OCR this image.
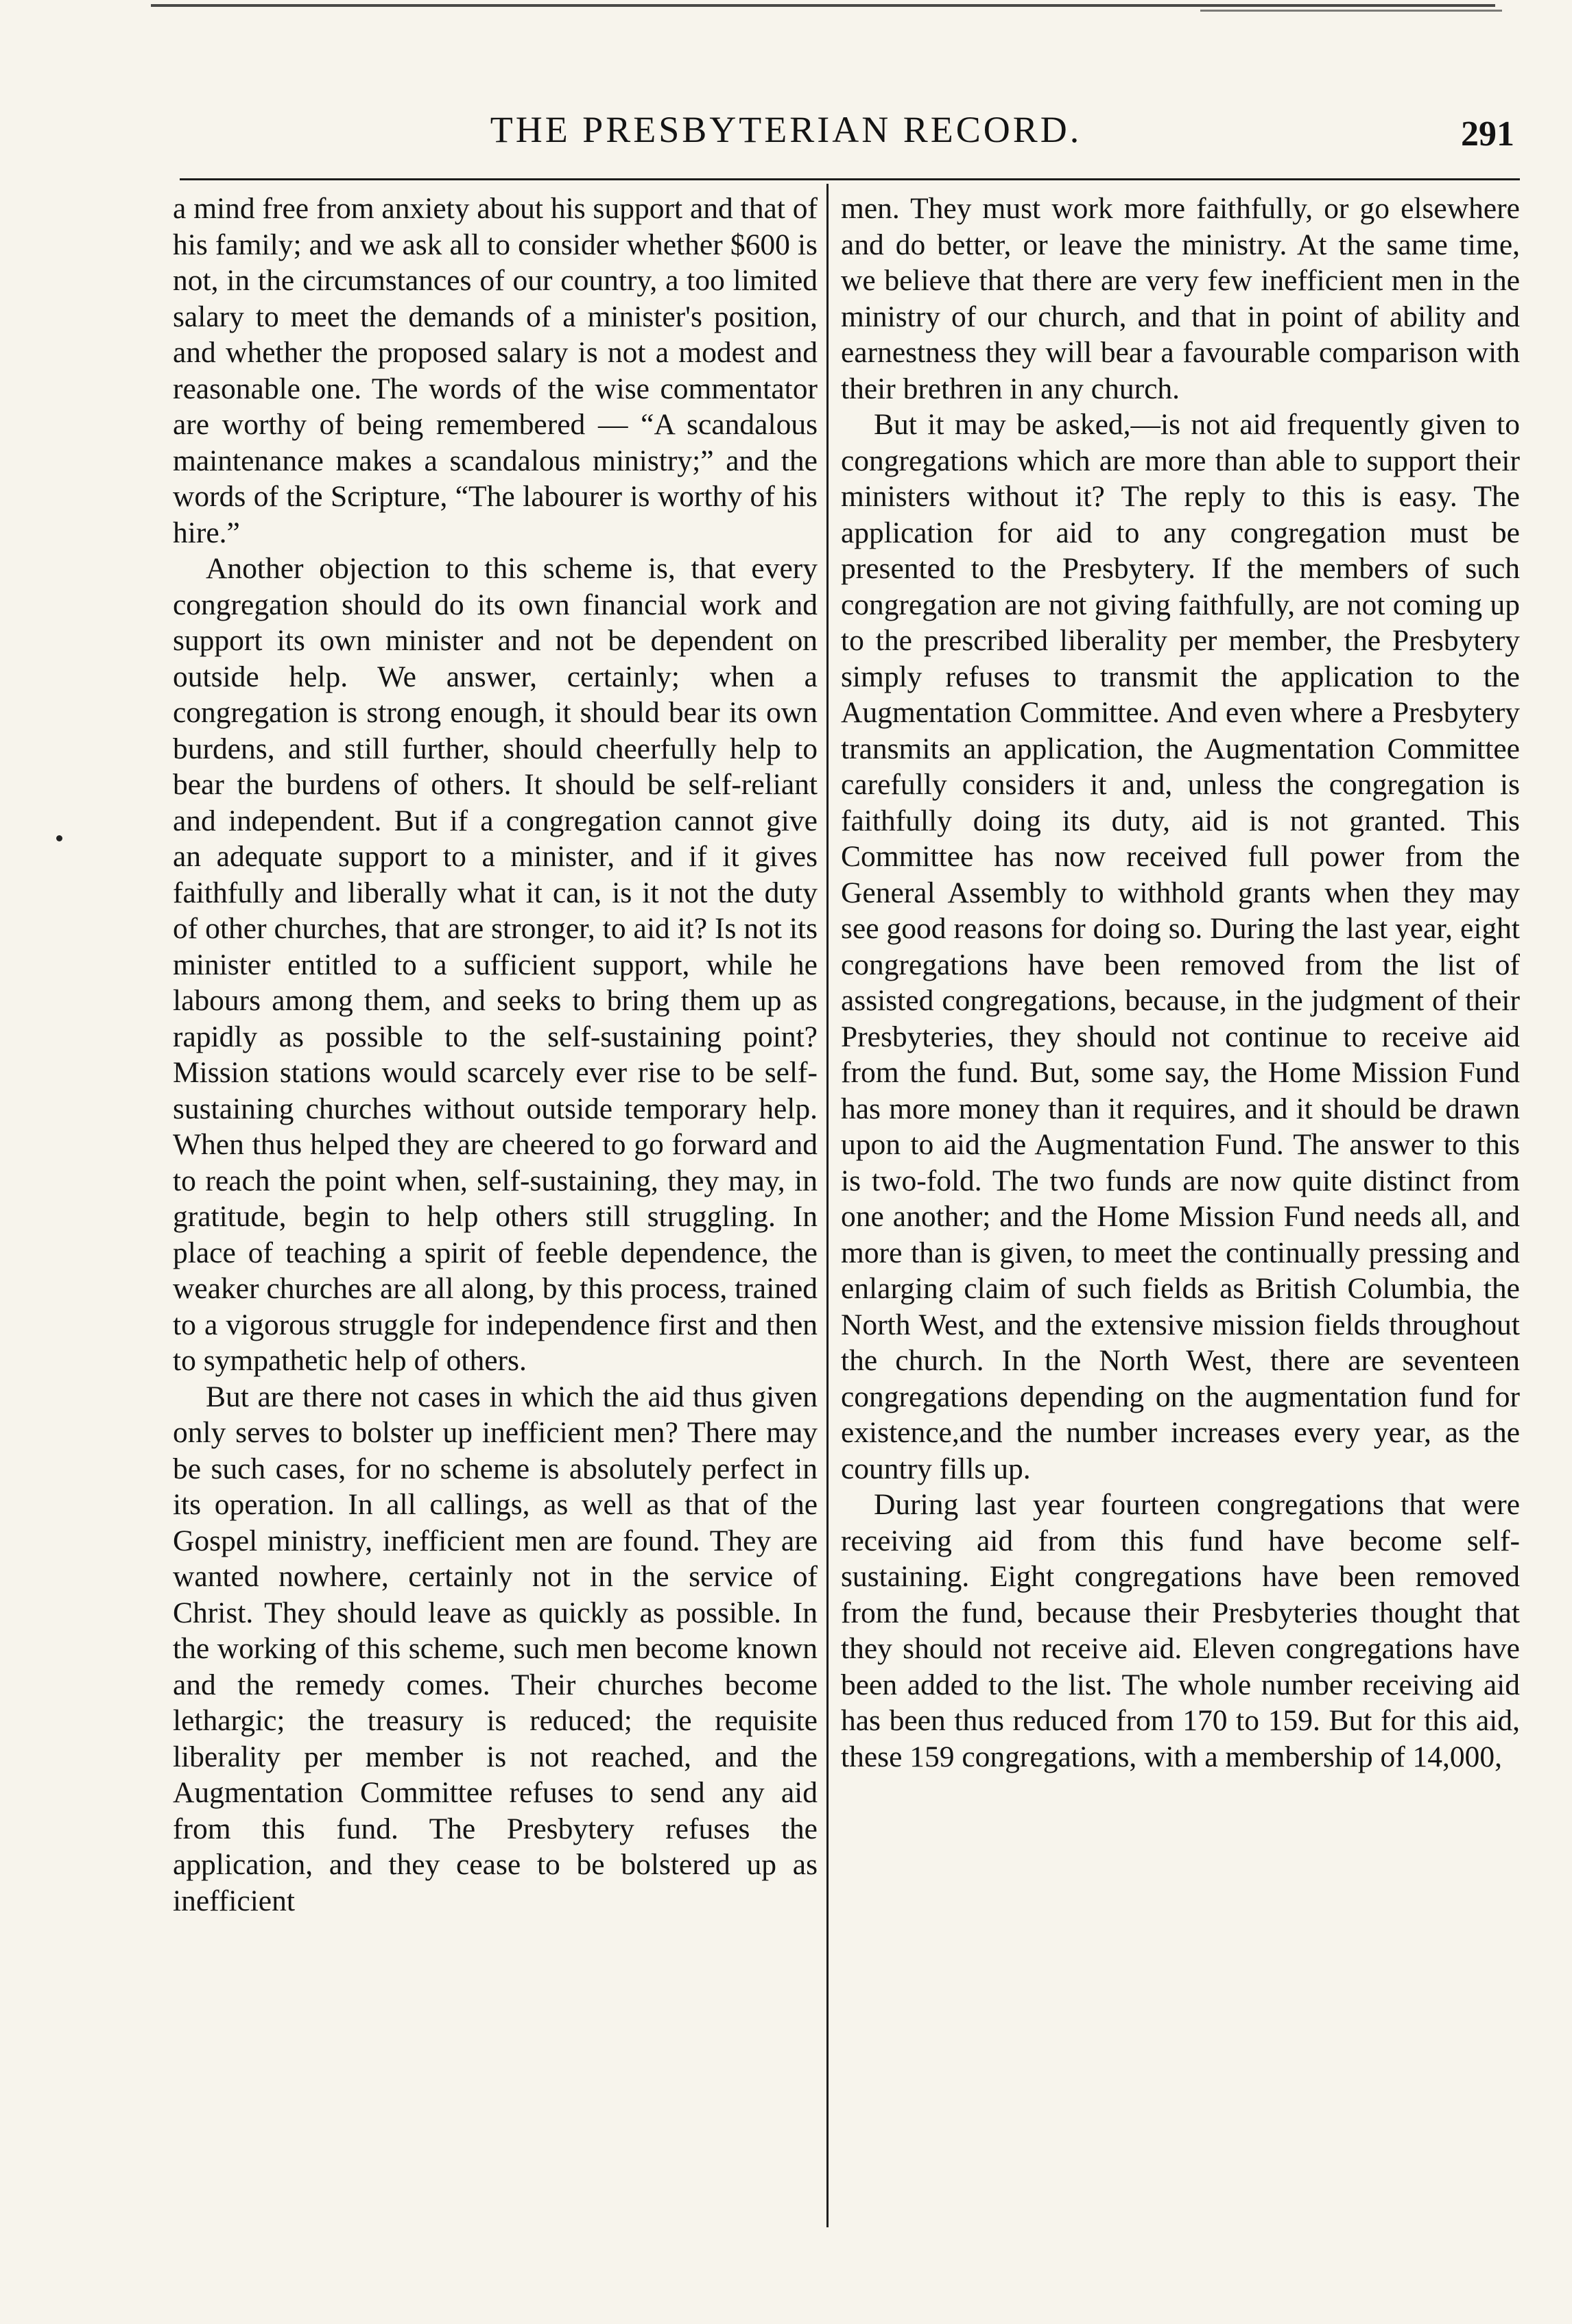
THE PRESBYTERIAN RECORD.	291

a mind free from anxiety about his support and that of his family; and we ask all to consider whether $600 is not, in the circumstances of our country, a too limited salary to meet the demands of a minister's position, and whether the proposed salary is not a modest and reasonable one. The words of the wise commentator are worthy of being remembered — “A scandalous maintenance makes a scandalous ministry;” and the words of the Scripture, “The labourer is worthy of his hire.”

Another objection to this scheme is, that every congregation should do its own financial work and support its own minister and not be dependent on outside help. We answer, certainly; when a congregation is strong enough, it should bear its own burdens, and still further, should cheerfully help to bear the burdens of others. It should be self-reliant and independent. But if a congregation cannot give an adequate support to a minister, and if it gives faithfully and liberally what it can, is it not the duty of other churches, that are stronger, to aid it? Is not its minister entitled to a sufficient support, while he labours among them, and seeks to bring them up as rapidly as possible to the self-sustaining point? Mission stations would scarcely ever rise to be self-sustaining churches without outside temporary help. When thus helped they are cheered to go forward and to reach the point when, self-sustaining, they may, in gratitude, begin to help others still struggling. In place of teaching a spirit of feeble dependence, the weaker churches are all along, by this process, trained to a vigorous struggle for independence first and then to sympathetic help of others.

But are there not cases in which the aid thus given only serves to bolster up inefficient men? There may be such cases, for no scheme is absolutely perfect in its operation. In all callings, as well as that of the Gospel ministry, inefficient men are found. They are wanted nowhere, certainly not in the service of Christ. They should leave as quickly as possible. In the working of this scheme, such men become known and the remedy comes. Their churches become lethargic; the treasury is reduced; the requisite liberality per member is not reached, and the Augmentation Committee refuses to send any aid from this fund. The Presbytery refuses the application, and they cease to be bolstered up as inefficient

men. They must work more faithfully, or go elsewhere and do better, or leave the ministry. At the same time, we believe that there are very few inefficient men in the ministry of our church, and that in point of ability and earnestness they will bear a favourable comparison with their brethren in any church.

But it may be asked,—is not aid frequently given to congregations which are more than able to support their ministers without it? The reply to this is easy. The application for aid to any congregation must be presented to the Presbytery. If the members of such congregation are not giving faithfully, are not coming up to the prescribed liberality per member, the Presbytery simply refuses to transmit the application to the Augmentation Committee. And even where a Presbytery transmits an application, the Augmentation Committee carefully considers it and, unless the congregation is faithfully doing its duty, aid is not granted. This Committee has now received full power from the General Assembly to withhold grants when they may see good reasons for doing so. During the last year, eight congregations have been removed from the list of assisted congregations, because, in the judgment of their Presbyteries, they should not continue to receive aid from the fund. But, some say, the Home Mission Fund has more money than it requires, and it should be drawn upon to aid the Augmentation Fund. The answer to this is two-fold. The two funds are now quite distinct from one another; and the Home Mission Fund needs all, and more than is given, to meet the continually pressing and enlarging claim of such fields as British Columbia, the North West, and the extensive mission fields throughout the church. In the North West, there are seventeen congregations depending on the augmentation fund for existence,and the number increases every year, as the country fills up.

During last year fourteen congregations that were receiving aid from this fund have become self-sustaining. Eight congregations have been removed from the fund, because their Presbyteries thought that they should not receive aid. Eleven congregations have been added to the list. The whole number receiving aid has been thus reduced from 170 to 159. But for this aid, these 159 congregations, with a membership of 14,000,
